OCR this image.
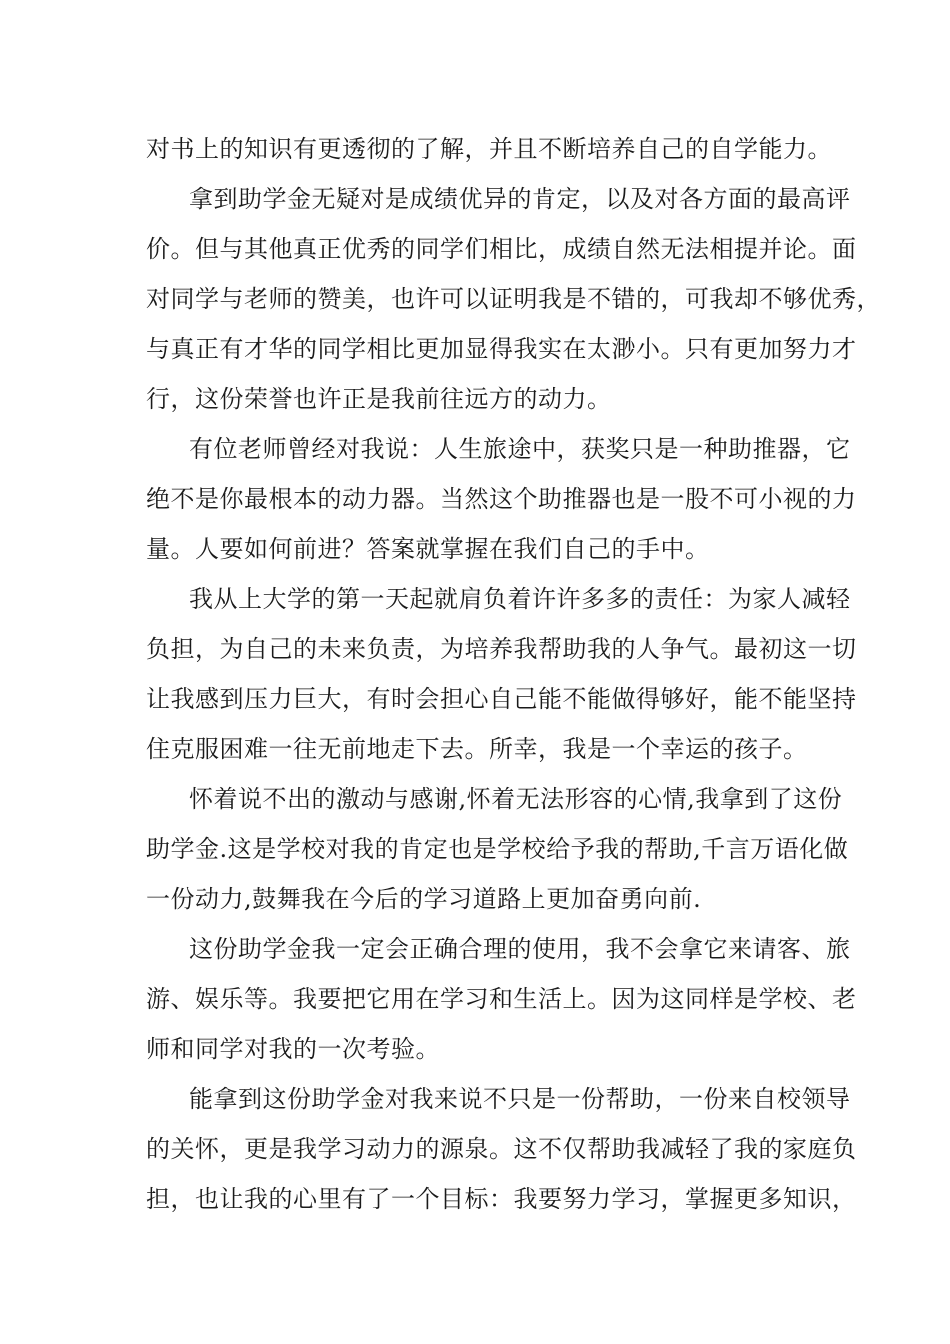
对书上的知识有更透彻的了解，并且不断培养自己的自学能力。
拿到助学金无疑对是成绩优异的肯定，以及对各方面的最高评
价。但与其他真正优秀的同学们相比，成绩自然无法相提并论。面
对同学与老师的赞美，也许可以证明我是不错的，可我却不够优秀，
与真正有才华的同学相比更加显得我实在太渺小。只有更加努力才
行，这份荣誉也许正是我前往远方的动力。
有位老师曾经对我说：人生旅途中，获奖只是一种助推器，它
绝不是你最根本的动力器。当然这个助推器也是一股不可小视的力
量。人要如何前进？答案就掌握在我们自己的手中。
我从上大学的第一天起就肩负着许许多多的责任：为家人减轻
负担，为自己的未来负责，为培养我帮助我的人争气。最初这一切
让我感到压力巨大，有时会担心自己能不能做得够好，能不能坚持
住克服困难一往无前地走下去。所幸，我是一个幸运的孩子。
怀着说不出的激动与感谢,怀着无法形容的心情,我拿到了这份
助学金.这是学校对我的肯定也是学校给予我的帮助,千言万语化做
一份动力,鼓舞我在今后的学习道路上更加奋勇向前.
这份助学金我一定会正确合理的使用，我不会拿它来请客、旅
游、娱乐等。我要把它用在学习和生活上。因为这同样是学校、老
师和同学对我的一次考验。
能拿到这份助学金对我来说不只是一份帮助，一份来自校领导
的关怀，更是我学习动力的源泉。这不仅帮助我减轻了我的家庭负
担，也让我的心里有了一个目标：我要努力学习，掌握更多知识，
